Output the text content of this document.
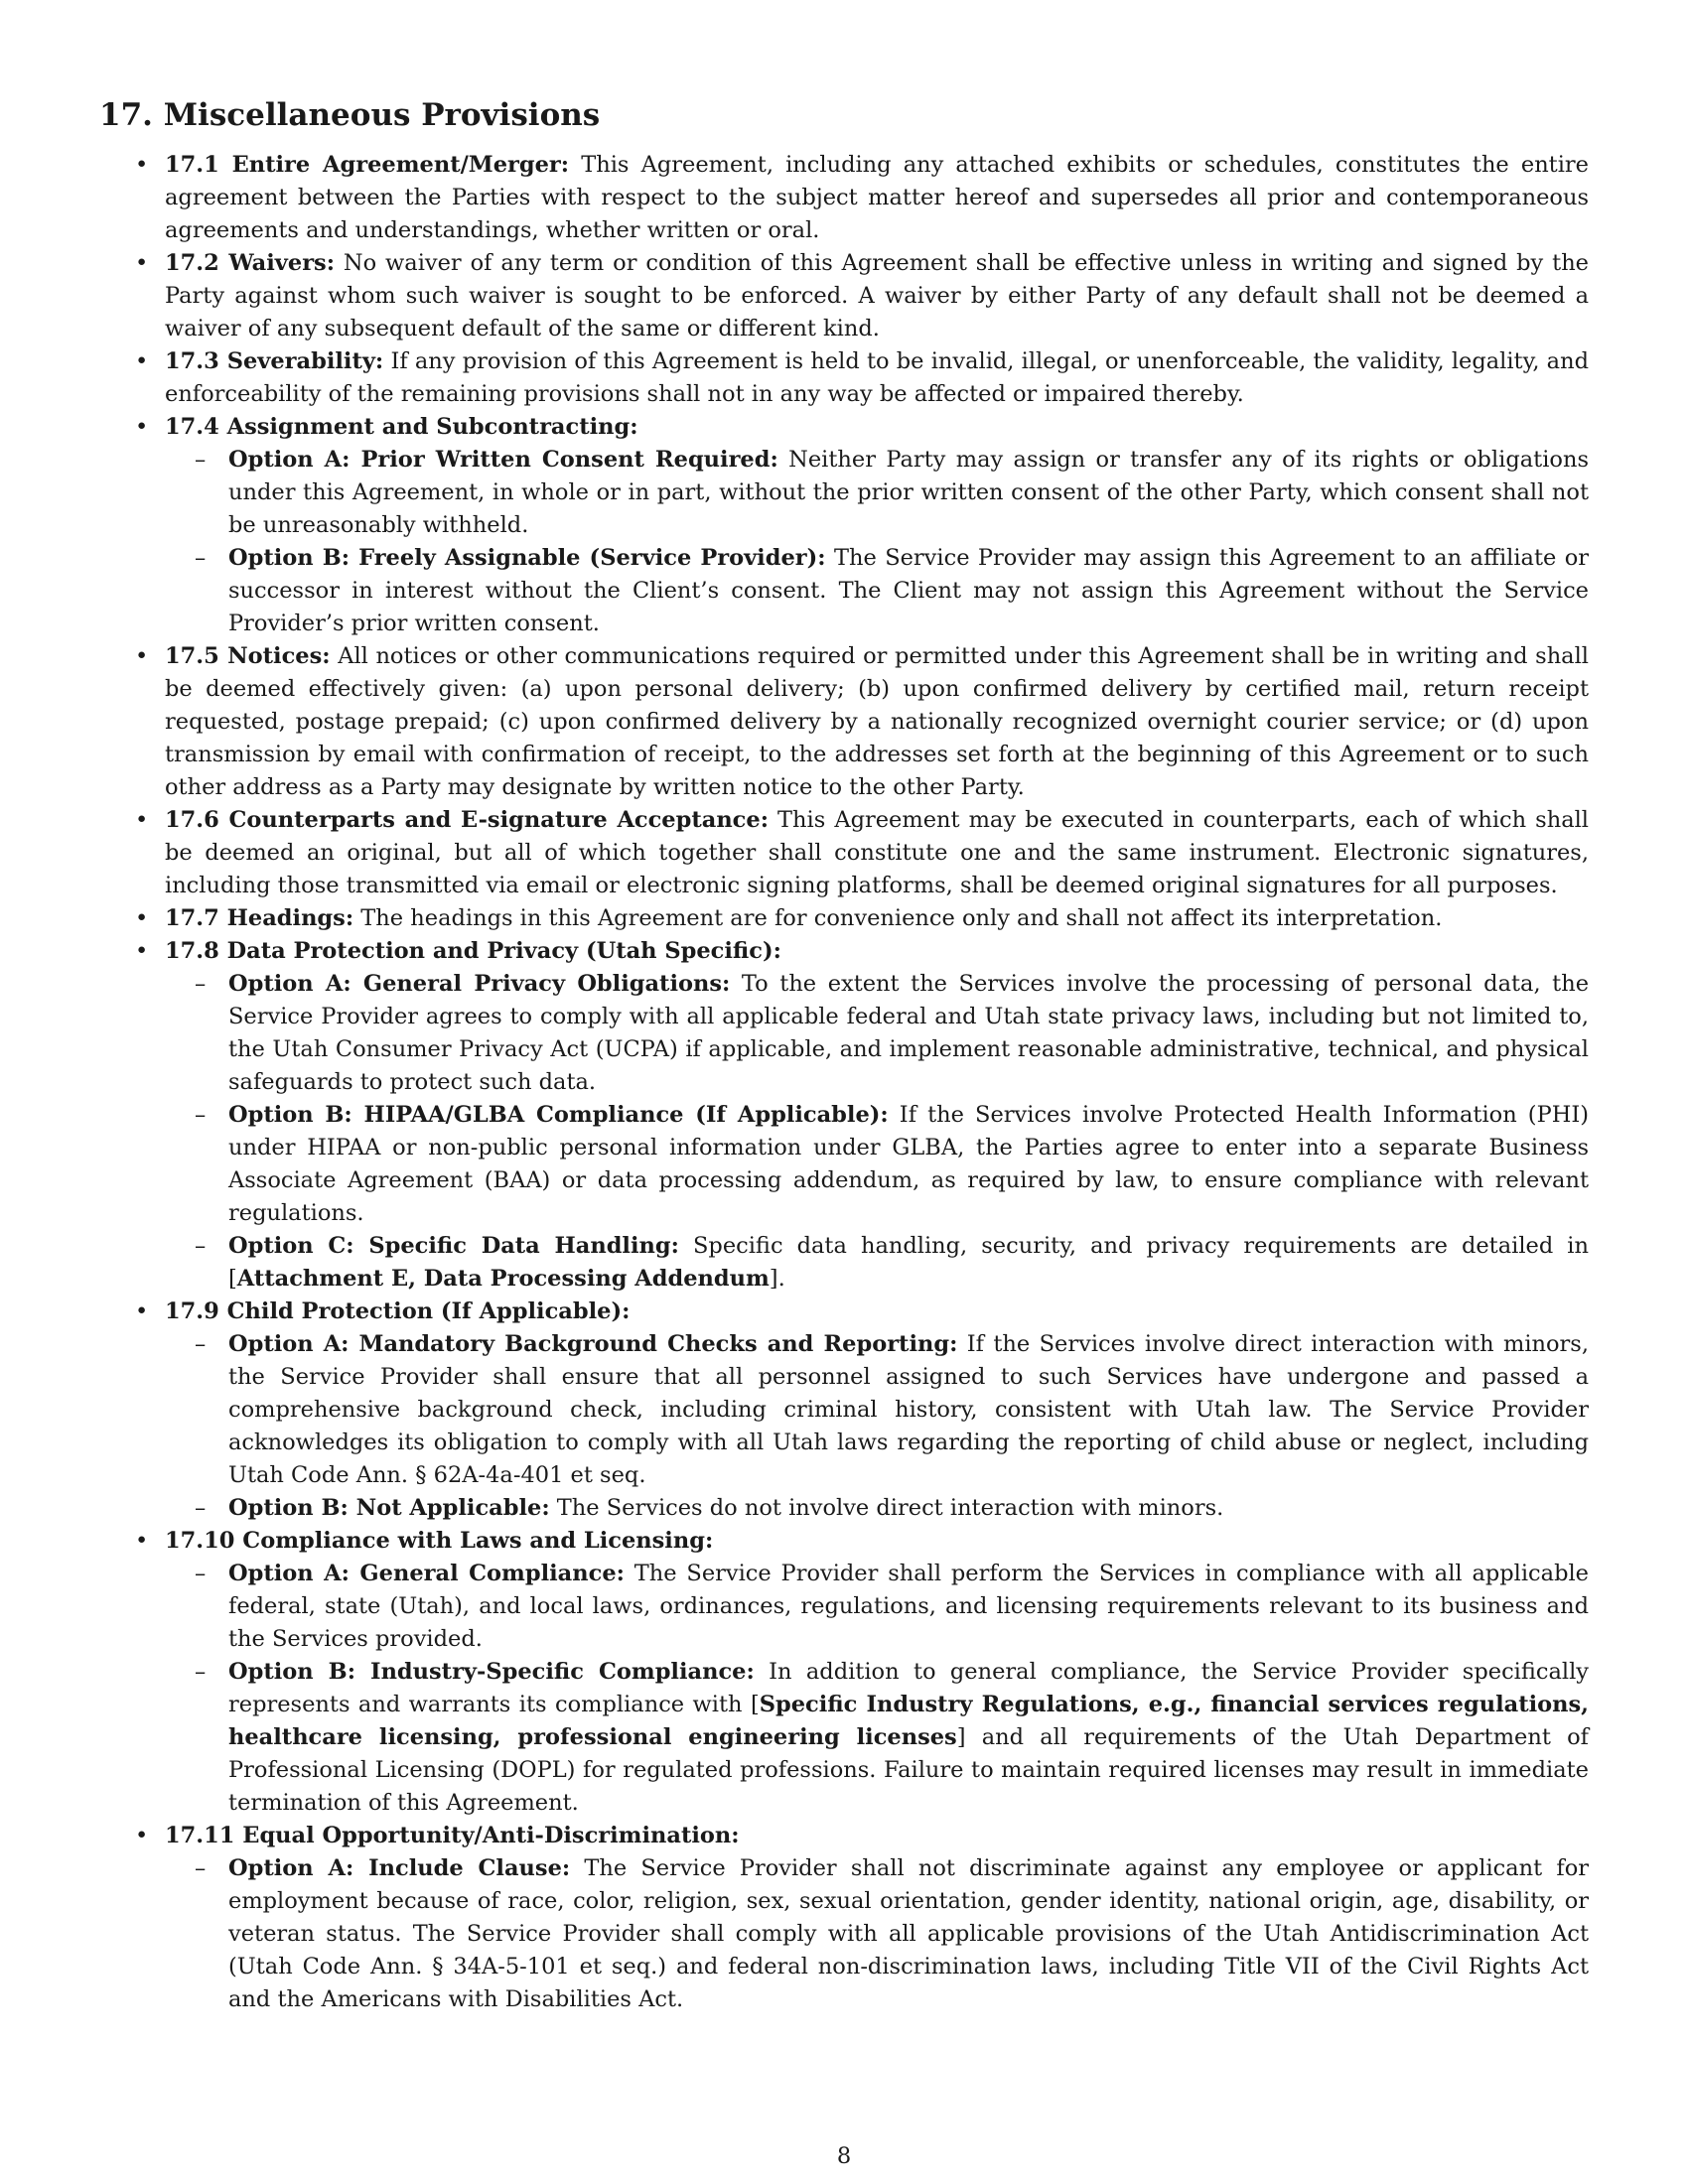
17. Miscellaneous Provisions
• 17.1 Entire Agreement/Merger: This Agreement, including any attached exhibits or schedules, constitutes the entire agreement between the Parties with respect to the subject matter hereof and supersedes all prior and contemporaneous agreements and understandings, whether written or oral.
• 17.2 Waivers: No waiver of any term or condition of this Agreement shall be effective unless in writing and signed by the Party against whom such waiver is sought to be enforced. A waiver by either Party of any default shall not be deemed a waiver of any subsequent default of the same or different kind.
• 17.3 Severability: If any provision of this Agreement is held to be invalid, illegal, or unenforceable, the validity, legality, and enforceability of the remaining provisions shall not in any way be affected or impaired thereby.
• 17.4 Assignment and Subcontracting:
– Option A: Prior Written Consent Required: Neither Party may assign or transfer any of its rights or obligations under this Agreement, in whole or in part, without the prior written consent of the other Party, which consent shall not be unreasonably withheld.
– Option B: Freely Assignable (Service Provider): The Service Provider may assign this Agreement to an affiliate or successor in interest without the Client’s consent. The Client may not assign this Agreement without the Service Provider’s prior written consent.
• 17.5 Notices: All notices or other communications required or permitted under this Agreement shall be in writing and shall be deemed effectively given: (a) upon personal delivery; (b) upon confirmed delivery by certified mail, return receipt requested, postage prepaid; (c) upon confirmed delivery by a nationally recognized overnight courier service; or (d) upon transmission by email with confirmation of receipt, to the addresses set forth at the beginning of this Agreement or to such other address as a Party may designate by written notice to the other Party.
• 17.6 Counterparts and E-signature Acceptance: This Agreement may be executed in counterparts, each of which shall be deemed an original, but all of which together shall constitute one and the same instrument. Electronic signatures, including those transmitted via email or electronic signing platforms, shall be deemed original signatures for all purposes.
• 17.7 Headings: The headings in this Agreement are for convenience only and shall not affect its interpretation.
• 17.8 Data Protection and Privacy (Utah Specific):
– Option A: General Privacy Obligations: To the extent the Services involve the processing of personal data, the Service Provider agrees to comply with all applicable federal and Utah state privacy laws, including but not limited to, the Utah Consumer Privacy Act (UCPA) if applicable, and implement reasonable administrative, technical, and physical safeguards to protect such data.
– Option B: HIPAA/GLBA Compliance (If Applicable): If the Services involve Protected Health Information (PHI) under HIPAA or non-public personal information under GLBA, the Parties agree to enter into a separate Business Associate Agreement (BAA) or data processing addendum, as required by law, to ensure compliance with relevant regulations.
– Option C: Specific Data Handling: Specific data handling, security, and privacy requirements are detailed in [Attachment E, Data Processing Addendum].
• 17.9 Child Protection (If Applicable):
– Option A: Mandatory Background Checks and Reporting: If the Services involve direct interaction with minors, the Service Provider shall ensure that all personnel assigned to such Services have undergone and passed a comprehensive background check, including criminal history, consistent with Utah law. The Service Provider acknowledges its obligation to comply with all Utah laws regarding the reporting of child abuse or neglect, including Utah Code Ann. § 62A-4a-401 et seq.
– Option B: Not Applicable: The Services do not involve direct interaction with minors.
• 17.10 Compliance with Laws and Licensing:
– Option A: General Compliance: The Service Provider shall perform the Services in compliance with all applicable federal, state (Utah), and local laws, ordinances, regulations, and licensing requirements relevant to its business and the Services provided.
– Option B: Industry-Specific Compliance: In addition to general compliance, the Service Provider specifically represents and warrants its compliance with [Specific Industry Regulations, e.g., financial services regulations, healthcare licensing, professional engineering licenses] and all requirements of the Utah Department of Professional Licensing (DOPL) for regulated professions. Failure to maintain required licenses may result in immediate termination of this Agreement.
• 17.11 Equal Opportunity/Anti-Discrimination:
– Option A: Include Clause: The Service Provider shall not discriminate against any employee or applicant for employment because of race, color, religion, sex, sexual orientation, gender identity, national origin, age, disability, or veteran status. The Service Provider shall comply with all applicable provisions of the Utah Antidiscrimination Act (Utah Code Ann. § 34A-5-101 et seq.) and federal non-discrimination laws, including Title VII of the Civil Rights Act and the Americans with Disabilities Act.
8
